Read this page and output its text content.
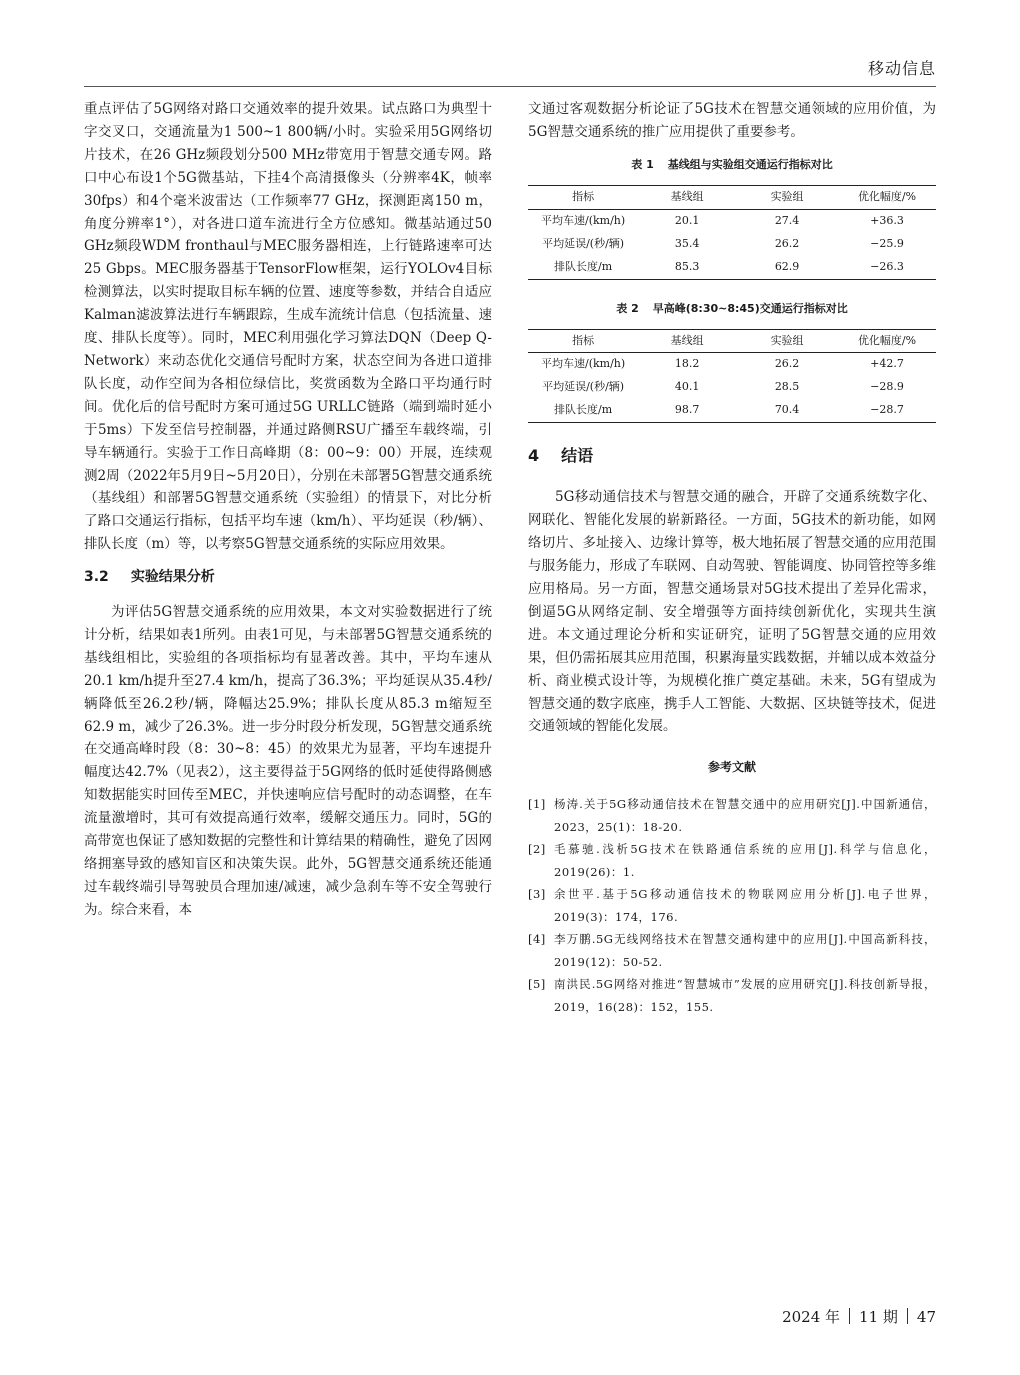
移动信息

重点评估了5G网络对路口交通效率的提升效果。试点路口为典型十字交叉口，交通流量为1 500~1 800辆/小时。实验采用5G网络切片技术，在26 GHz频段划分500 MHz带宽用于智慧交通专网。路口中心布设1个5G微基站，下挂4个高清摄像头（分辨率4K，帧率30fps）和4个毫米波雷达（工作频率77 GHz，探测距离150 m，角度分辨率1°），对各进口道车流进行全方位感知。微基站通过50 GHz频段WDM fronthaul与MEC服务器相连，上行链路速率可达25 Gbps。MEC服务器基于TensorFlow框架，运行YOLOv4目标检测算法，以实时提取目标车辆的位置、速度等参数，并结合自适应Kalman滤波算法进行车辆跟踪，生成车流统计信息（包括流量、速度、排队长度等）。同时，MEC利用强化学习算法DQN（Deep Q-Network）来动态优化交通信号配时方案，状态空间为各进口道排队长度，动作空间为各相位绿信比，奖赏函数为全路口平均通行时间。优化后的信号配时方案可通过5G URLLC链路（端到端时延小于5ms）下发至信号控制器，并通过路侧RSU广播至车载终端，引导车辆通行。实验于工作日高峰期（8：00~9：00）开展，连续观测2周（2022年5月9日~5月20日），分别在未部署5G智慧交通系统（基线组）和部署5G智慧交通系统（实验组）的情景下，对比分析了路口交通运行指标，包括平均车速（km/h）、平均延误（秒/辆）、排队长度（m）等，以考察5G智慧交通系统的实际应用效果。

3.2 实验结果分析

为评估5G智慧交通系统的应用效果，本文对实验数据进行了统计分析，结果如表1所列。由表1可见，与未部署5G智慧交通系统的基线组相比，实验组的各项指标均有显著改善。其中，平均车速从20.1 km/h提升至27.4 km/h，提高了36.3%；平均延误从35.4秒/辆降低至26.2秒/辆，降幅达25.9%；排队长度从85.3 m缩短至62.9 m，减少了26.3%。进一步分时段分析发现，5G智慧交通系统在交通高峰时段（8：30~8：45）的效果尤为显著，平均车速提升幅度达42.7%（见表2），这主要得益于5G网络的低时延使得路侧感知数据能实时回传至MEC，并快速响应信号配时的动态调整，在车流量激增时，其可有效提高通行效率，缓解交通压力。同时，5G的高带宽也保证了感知数据的完整性和计算结果的精确性，避免了因网络拥塞导致的感知盲区和决策失误。此外，5G智慧交通系统还能通过车载终端引导驾驶员合理加速/减速，减少急刹车等不安全驾驶行为。综合来看，本

文通过客观数据分析论证了5G技术在智慧交通领域的应用价值，为5G智慧交通系统的推广应用提供了重要参考。

表 1 基线组与实验组交通运行指标对比
指标	基线组	实验组	优化幅度/%
平均车速/(km/h)	20.1	27.4	+36.3
平均延误/(秒/辆)	35.4	26.2	−25.9
排队长度/m	85.3	62.9	−26.3
表 2 早高峰(8:30~8:45)交通运行指标对比
指标	基线组	实验组	优化幅度/%
平均车速/(km/h)	18.2	26.2	+42.7
平均延误/(秒/辆)	40.1	28.5	−28.9
排队长度/m	98.7	70.4	−28.7
4 结语

5G移动通信技术与智慧交通的融合，开辟了交通系统数字化、网联化、智能化发展的崭新路径。一方面，5G技术的新功能，如网络切片、多址接入、边缘计算等，极大地拓展了智慧交通的应用范围与服务能力，形成了车联网、自动驾驶、智能调度、协同管控等多维应用格局。另一方面，智慧交通场景对5G技术提出了差异化需求，倒逼5G从网络定制、安全增强等方面持续创新优化，实现共生演进。本文通过理论分析和实证研究，证明了5G智慧交通的应用效果，但仍需拓展其应用范围，积累海量实践数据，并辅以成本效益分析、商业模式设计等，为规模化推广奠定基础。未来，5G有望成为智慧交通的数字底座，携手人工智能、大数据、区块链等技术，促进交通领域的智能化发展。

参考文献
[1] 杨涛.关于5G移动通信技术在智慧交通中的应用研究[J].中国新通信，2023，25(1)：18-20.
[2] 毛慕驰.浅析5G技术在铁路通信系统的应用[J].科学与信息化，2019(26)：1.
[3] 余世平.基于5G移动通信技术的物联网应用分析[J].电子世界，2019(3)：174，176.
[4] 李万鹏.5G无线网络技术在智慧交通构建中的应用[J].中国高新科技，2019(12)：50-52.
[5] 南洪民.5G网络对推进“智慧城市”发展的应用研究[J].科技创新导报，2019，16(28)：152，155.
2024 年 11 期 47
